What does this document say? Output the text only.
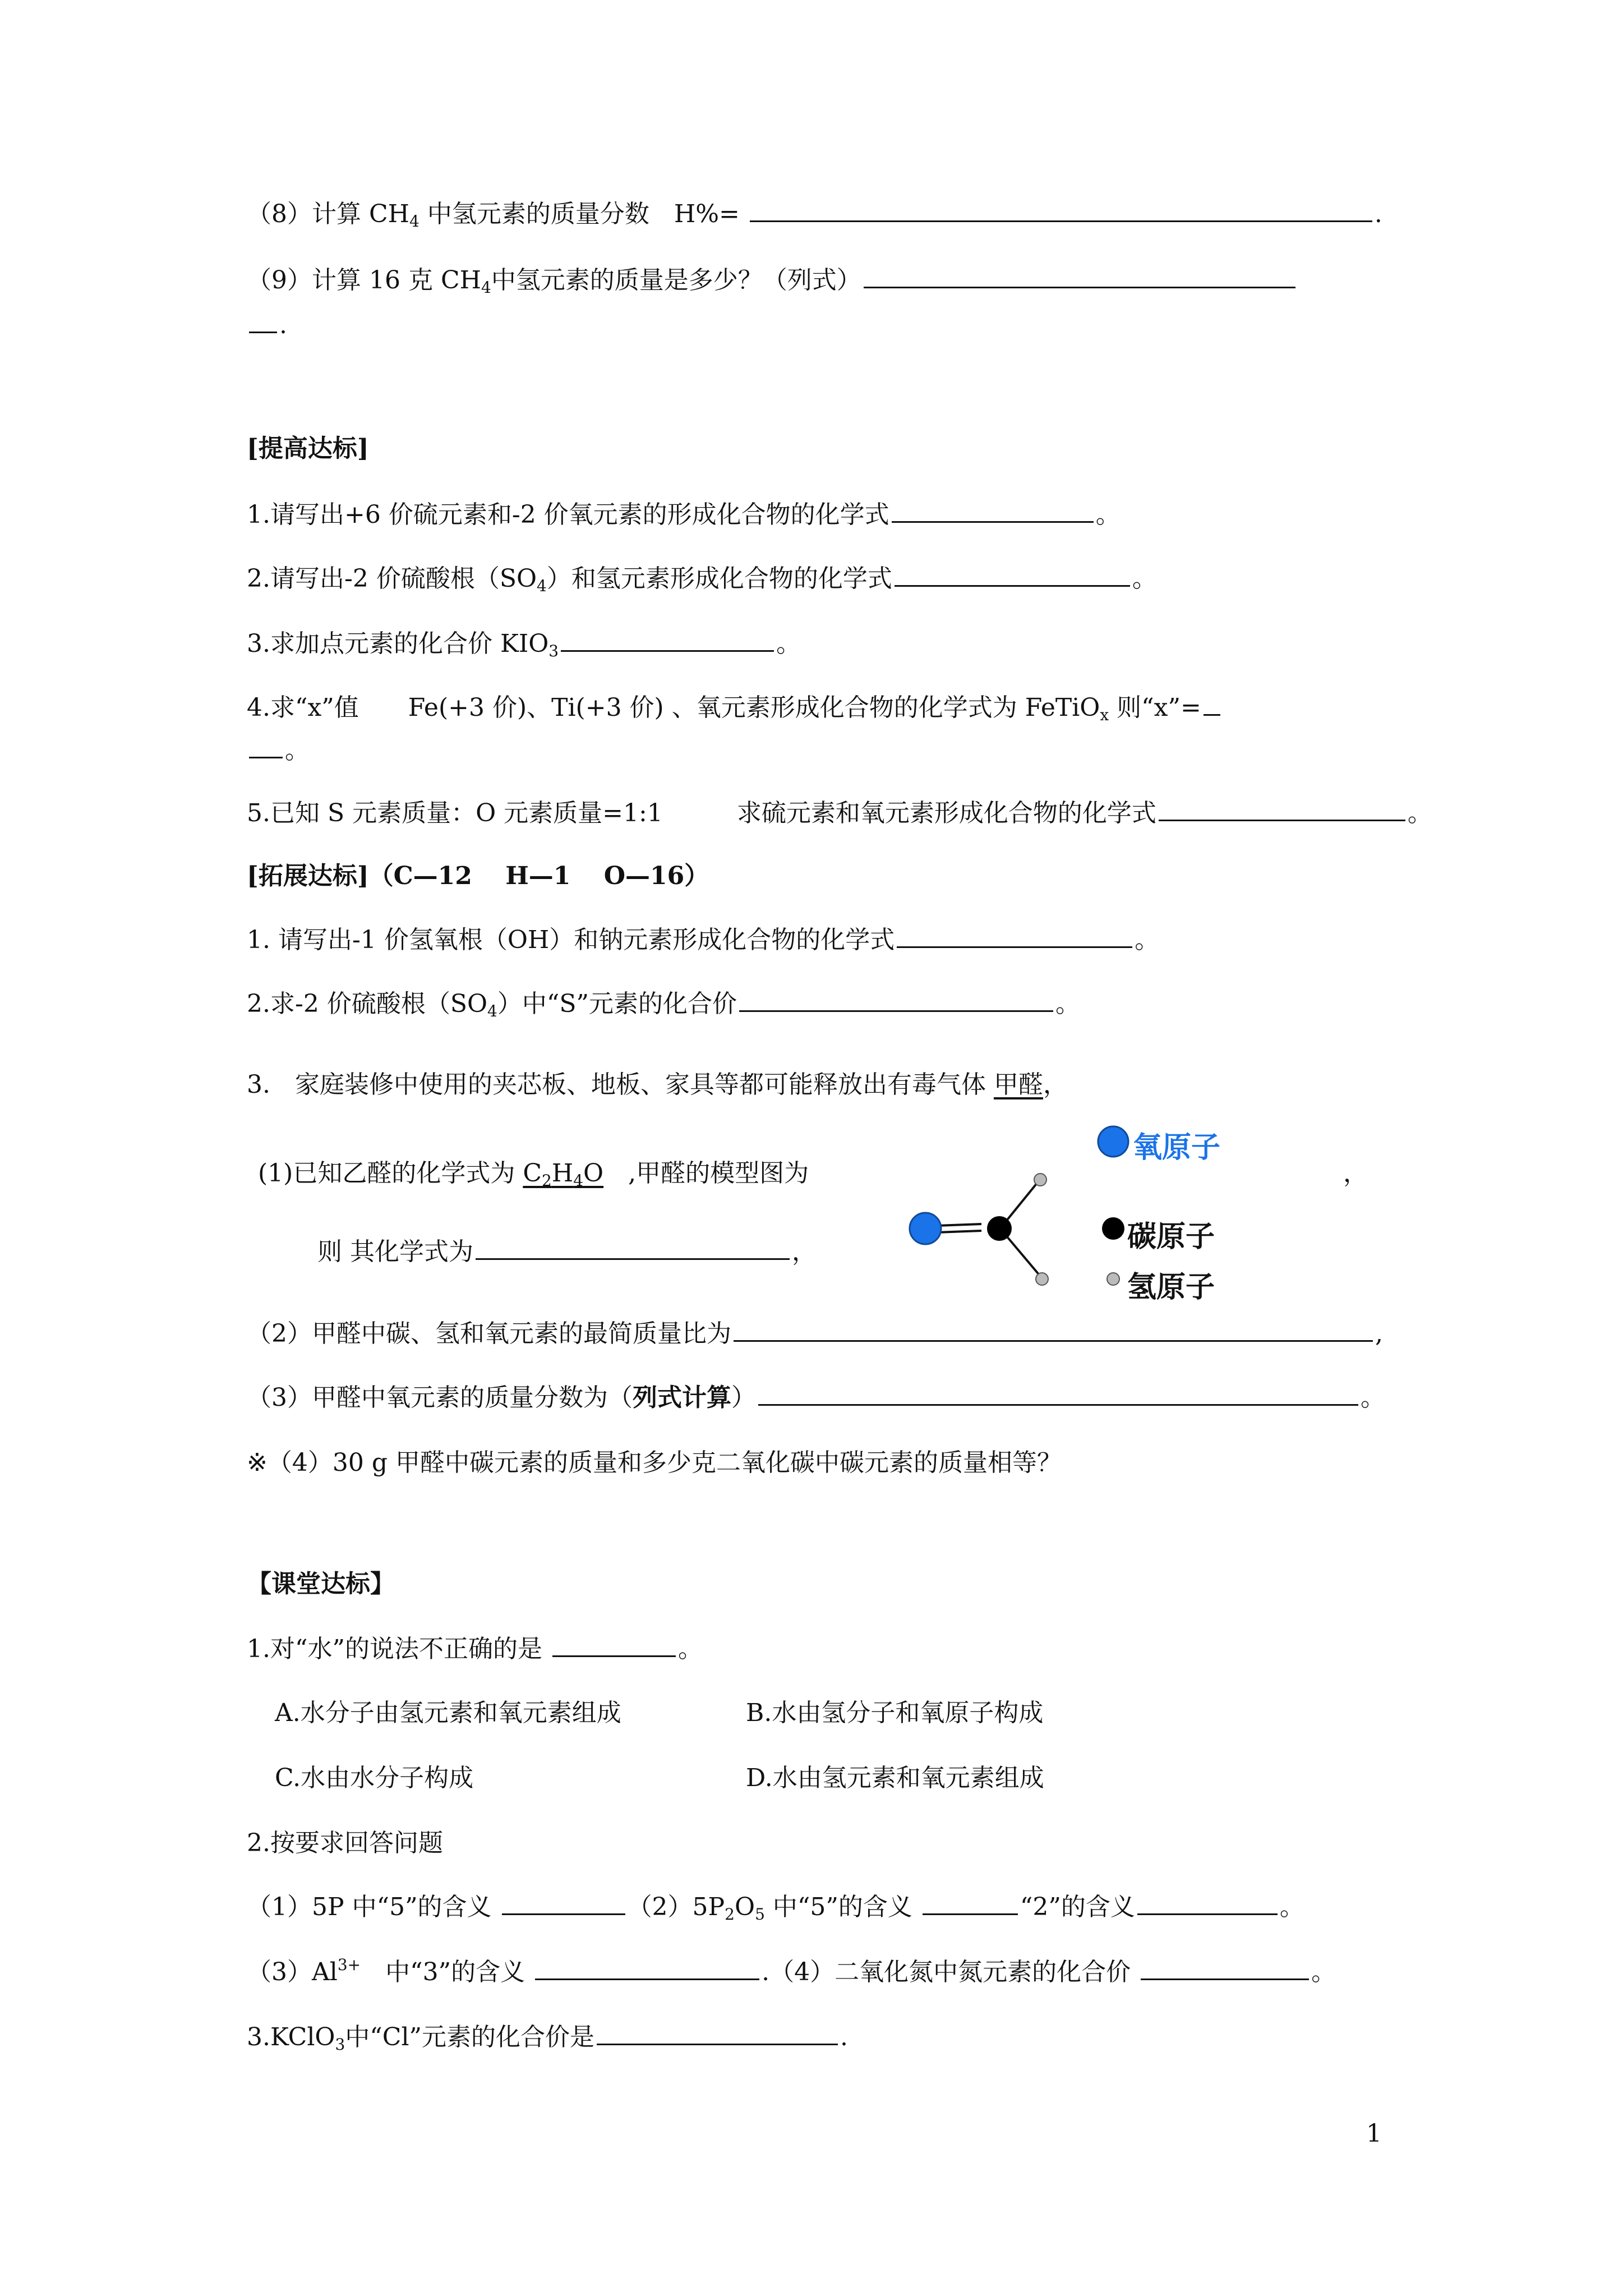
（8）计算 $CH_4$ 中氢元素的质量分数　H%=	.
（9）计算 16 克 $CH_4$中氢元素的质量是多少？（列式）
.
[提高达标]
1.请写出+6 价硫元素和-2 价氧元素的形成化合物的化学式	。
2.请写出-2 价硫酸根$(SO_4)$和氢元素形成化合物的化学式	。
3.求加点元素的化合价 $KIO_3$	。
4.求“x”值　　Fe(+3 价)、Ti(+3 价) 、氧元素形成化合物的化学式为 FeTiO$_x$ 则“x”=
。
5.已知 S 元素质量：O 元素质量=1:1　　　求硫元素和氧元素形成化合物的化学式	。
[拓展达标]（C—12　 H—1 　O—16）
1. 请写出-1 价氢氧根（OH）和钠元素形成化合物的化学式	。
2.求-2 价硫酸根$(SO_4)$中“S”元素的化合价	。
3.　家庭装修中使用的夹芯板、地板、家具等都可能释放出有毒气体 甲醛，
(1)已知乙醛的化学式为 $C_2H_4O$　,甲醛的模型图为	，
氧原子
碳原子
氢原子
则 其化学式为	，
（2）甲醛中碳、氢和氧元素的最简质量比为	,
（3）甲醛中氧元素的质量分数为（列式计算）	。
※（4）30 g 甲醛中碳元素的质量和多少克二氧化碳中碳元素的质量相等？
【课堂达标】
1.对“水”的说法不正确的是	。
A.水分子由氢元素和氧元素组成	B.水由氢分子和氧原子构成
C.水由水分子构成	D.水由氢元素和氧元素组成
2.按要求回答问题
（1）5P 中“5”的含义	$(2)5P_2O_5$ 中“5”的含义	“2”的含义	。
$(3)Al^{3+}$　中“3”的含义	.（4）二氧化氮中氮元素的化合价	。
3.KClO$_3$中“Cl”元素的化合价是	.
1
